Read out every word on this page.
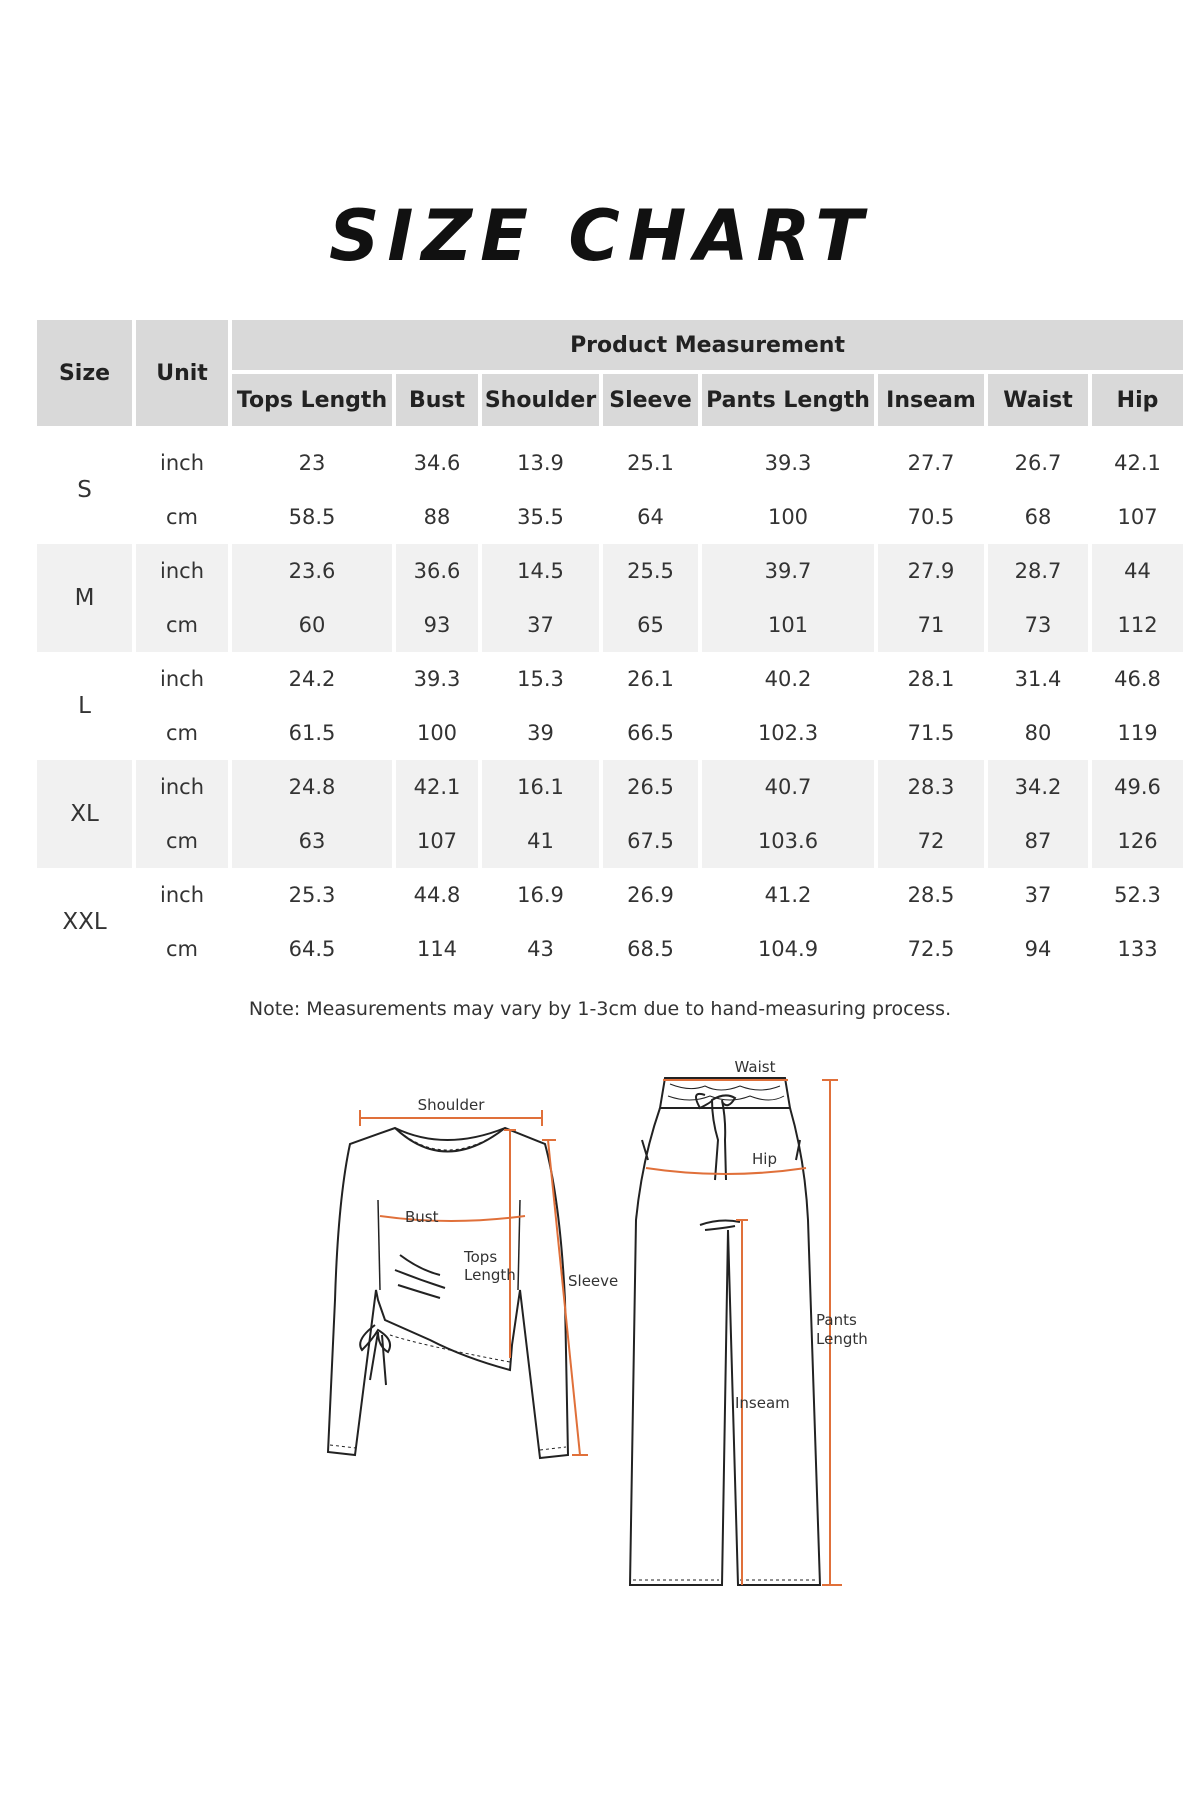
SIZE CHART
Size	Unit	Product Measurement							
		Tops Length	Bust	Shoulder	Sleeve	Pants Length	Inseam	Waist	Hip
S	inch	23	34.6	13.9	25.1	39.3	27.7	26.7	42.1
	cm	58.5	88	35.5	64	100	70.5	68	107
M	inch	23.6	36.6	14.5	25.5	39.7	27.9	28.7	44
	cm	60	93	37	65	101	71	73	112
L	inch	24.2	39.3	15.3	26.1	40.2	28.1	31.4	46.8
	cm	61.5	100	39	66.5	102.3	71.5	80	119
XL	inch	24.8	42.1	16.1	26.5	40.7	28.3	34.2	49.6
	cm	63	107	41	67.5	103.6	72	87	126
XXL	inch	25.3	44.8	16.9	26.9	41.2	28.5	37	52.3
	cm	64.5	114	43	68.5	104.9	72.5	94	133
Note: Measurements may vary by 1-3cm due to hand-measuring process.
Shoulder
Bust
Tops
Length	Sleeve
Waist
Hip
Pants
Length
Inseam
